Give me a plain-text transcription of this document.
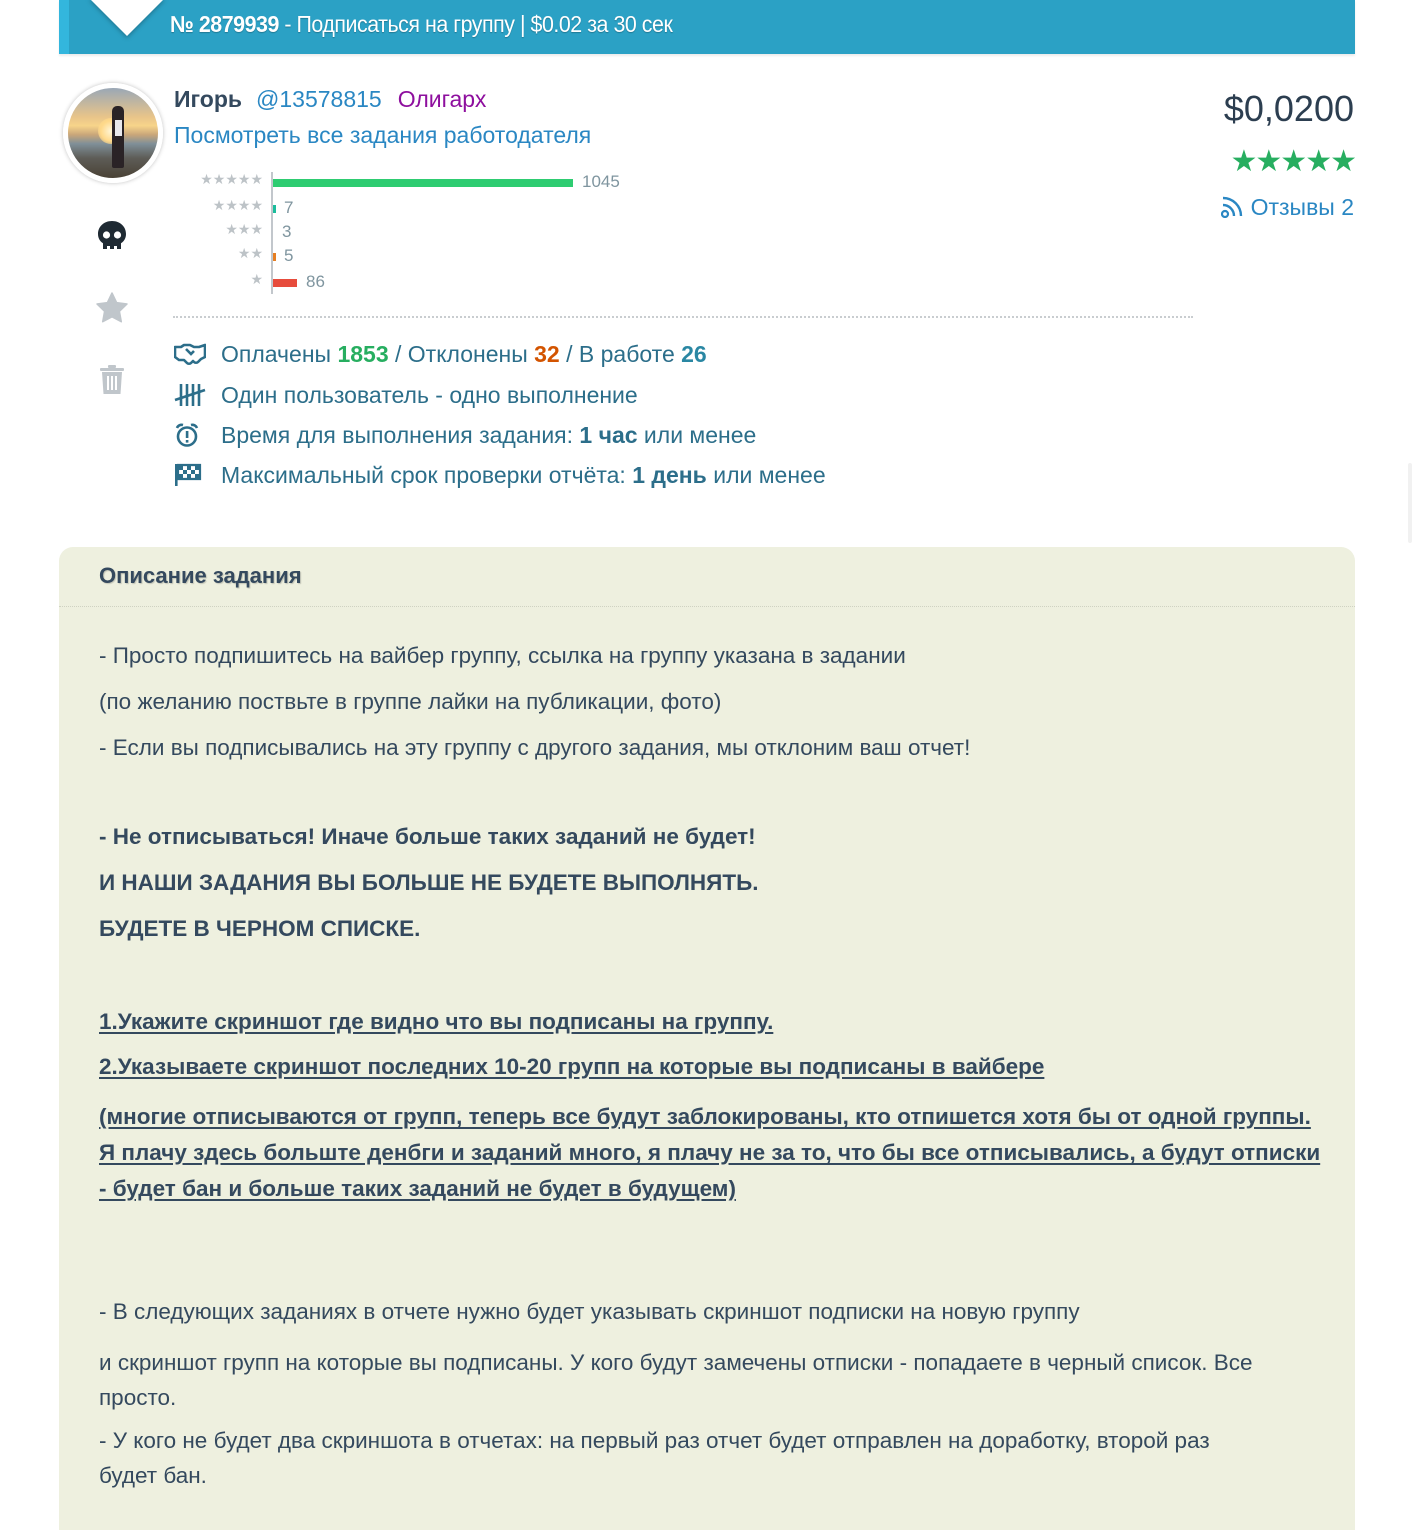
№ 2879939 - Подписаться на группу | $0.02 за 30 сек
Игорь @13578815 Олигарх
Посмотреть все задания работодателя
★★★★★	1045
★★★★ 7
★★★ 3
★★ 5
★	86
Оплачены 1853 / Отклонены 32 / В работе 26
Один пользователь - одно выполнение
Время для выполнения задания: 1 час или менее
Максимальный срок проверки отчёта: 1 день или менее
$0,0200
★★★★★
Отзывы 2
Описание задания

- Просто подпишитесь на вайбер группу, ссылка на группу указана в задании

(по желанию поствьте в группе лайки на публикации, фото)

- Если вы подписывались на эту группу с другого задания, мы отклоним ваш отчет!

- Не отписываться! Иначе больше таких заданий не будет!

И НАШИ ЗАДАНИЯ ВЫ БОЛЬШЕ НЕ БУДЕТЕ ВЫПОЛНЯТЬ.

БУДЕТЕ В ЧЕРНОМ СПИСКЕ.

1.Укажите скриншот где видно что вы подписаны на группу.

2.Указываете скриншот последних 10-20 групп на которые вы подписаны в вайбере

(многие отписываются от групп, теперь все будут заблокированы, кто отпишется хотя бы от одной группы. Я плачу здесь больште денбги и заданий много, я плачу не за то, что бы все отписывались, а будут отписки - будет бан и больше таких заданий не будет в будущем)

- В следующих заданиях в отчете нужно будет указывать скриншот подписки на новую группу

и скриншот групп на которые вы подписаны. У кого будут замечены отписки - попадаете в черный список. Все просто.

- У кого не будет два скриншота в отчетах: на первый раз отчет будет отправлен на доработку, второй раз будет бан.
